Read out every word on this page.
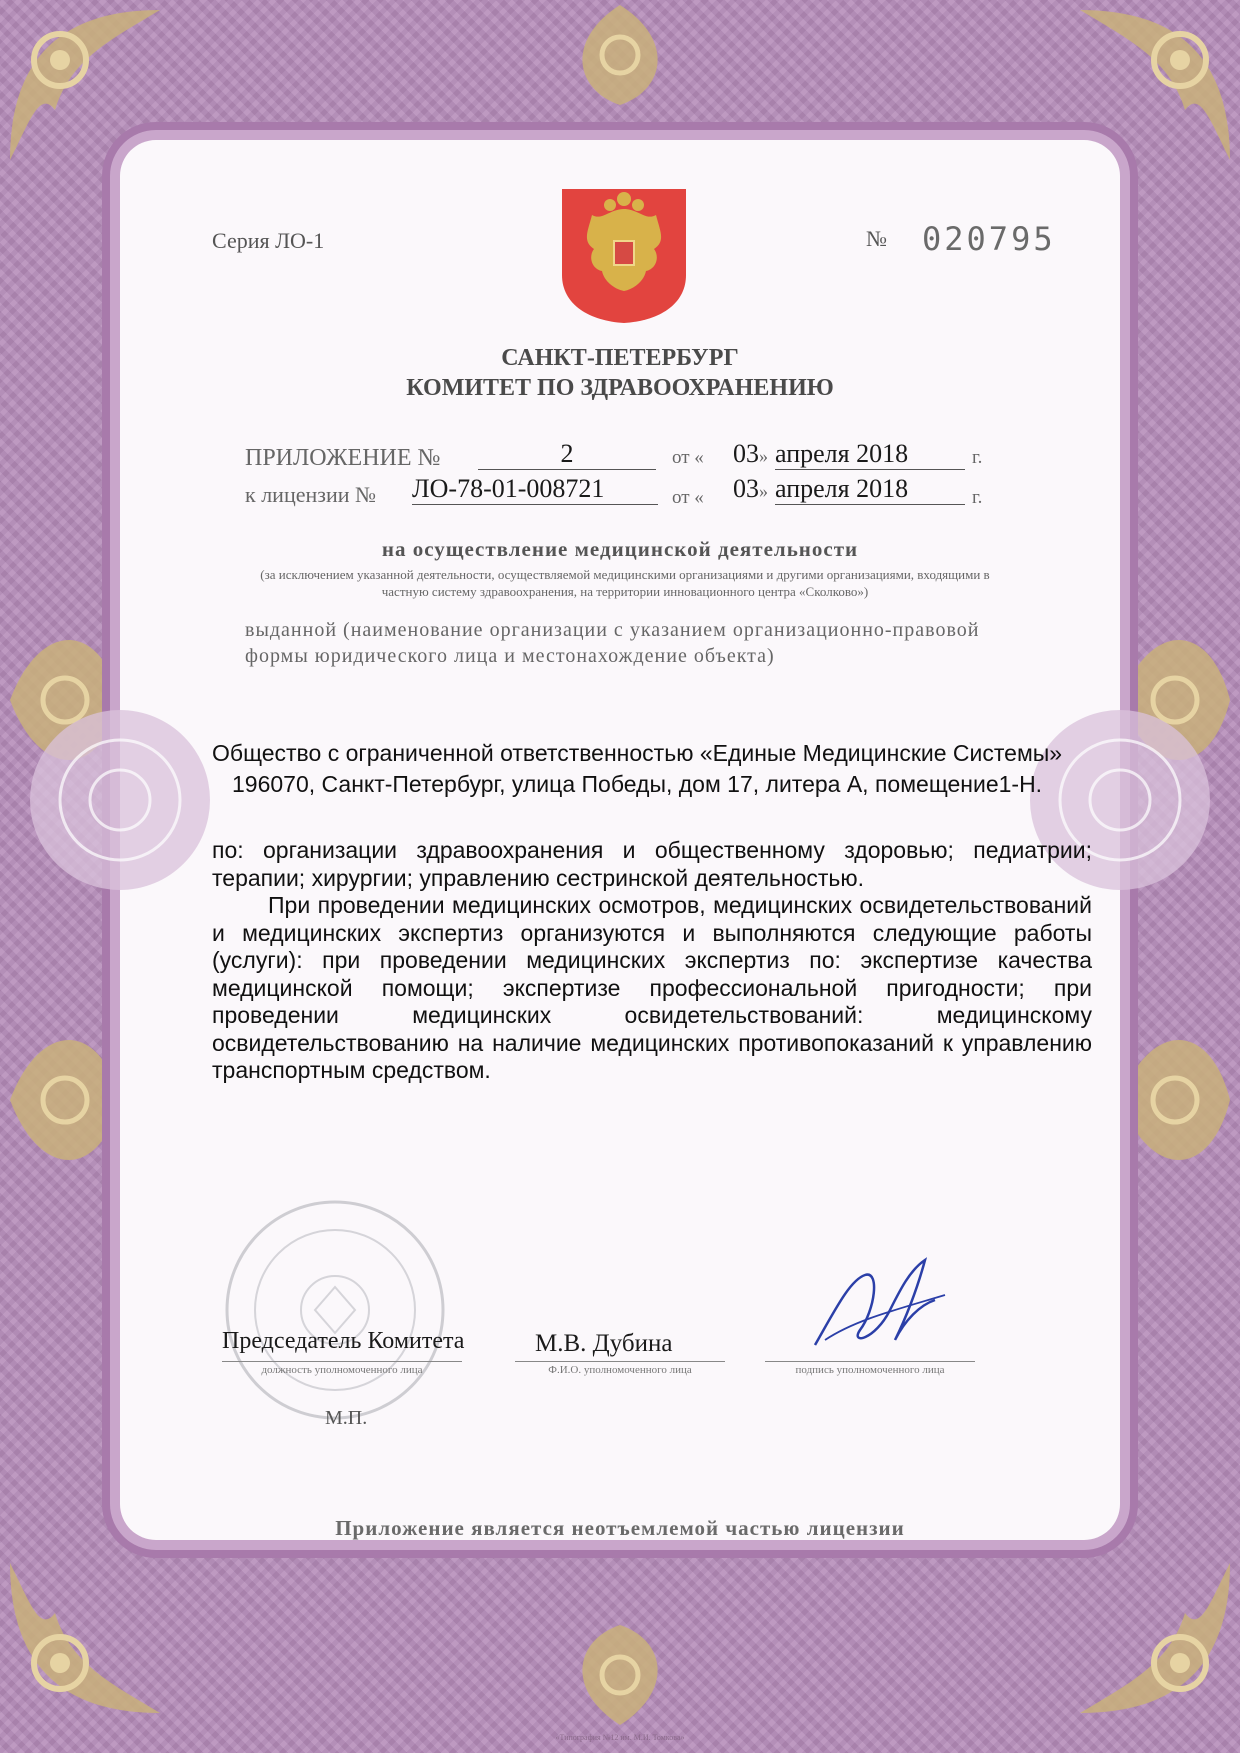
Серия ЛО-1	№ 020795
САНКТ-ПЕТЕРБУРГ
КОМИТЕТ ПО ЗДРАВООХРАНЕНИЮ
ПРИЛОЖЕНИЕ №	2	от « 03» апреля 2018	г.
к лицензии № ЛО-78-01-008721	от « 03» апреля 2018	г.
на осуществление медицинской деятельности
(за исключением указанной деятельности, осуществляемой медицинскими организациями и другими организациями, входящими в частную систему здравоохранения, на территории инновационного центра «Сколково»)
выданной (наименование организации с указанием организационно-правовой формы юридического лица и местонахождение объекта)
Общество с ограниченной ответственностью «Единые Медицинские Системы»
196070, Санкт-Петербург, улица Победы, дом 17, литера А, помещение1-Н.

по: организации здравоохранения и общественному здоровью; педиатрии; терапии; хирургии; управлению сестринской деятельностью.

При проведении медицинских осмотров, медицинских освидетельствований и медицинских экспертиз организуются и выполняются следующие работы (услуги): при проведении медицинских экспертиз по: экспертизе качества медицинской помощи; экспертизе профессиональной пригодности; при проведении медицинских освидетельствований: медицинскому освидетельствованию на наличие медицинских противопоказаний к управлению транспортным средством.

Председатель Комитета
должность уполномоченного лица
М.В. Дубина
Ф.И.О. уполномоченного лица	подпись уполномоченного лица
М.П.
Приложение является неотъемлемой частью лицензии
«Типография №12 им. М.И. Томкова»
